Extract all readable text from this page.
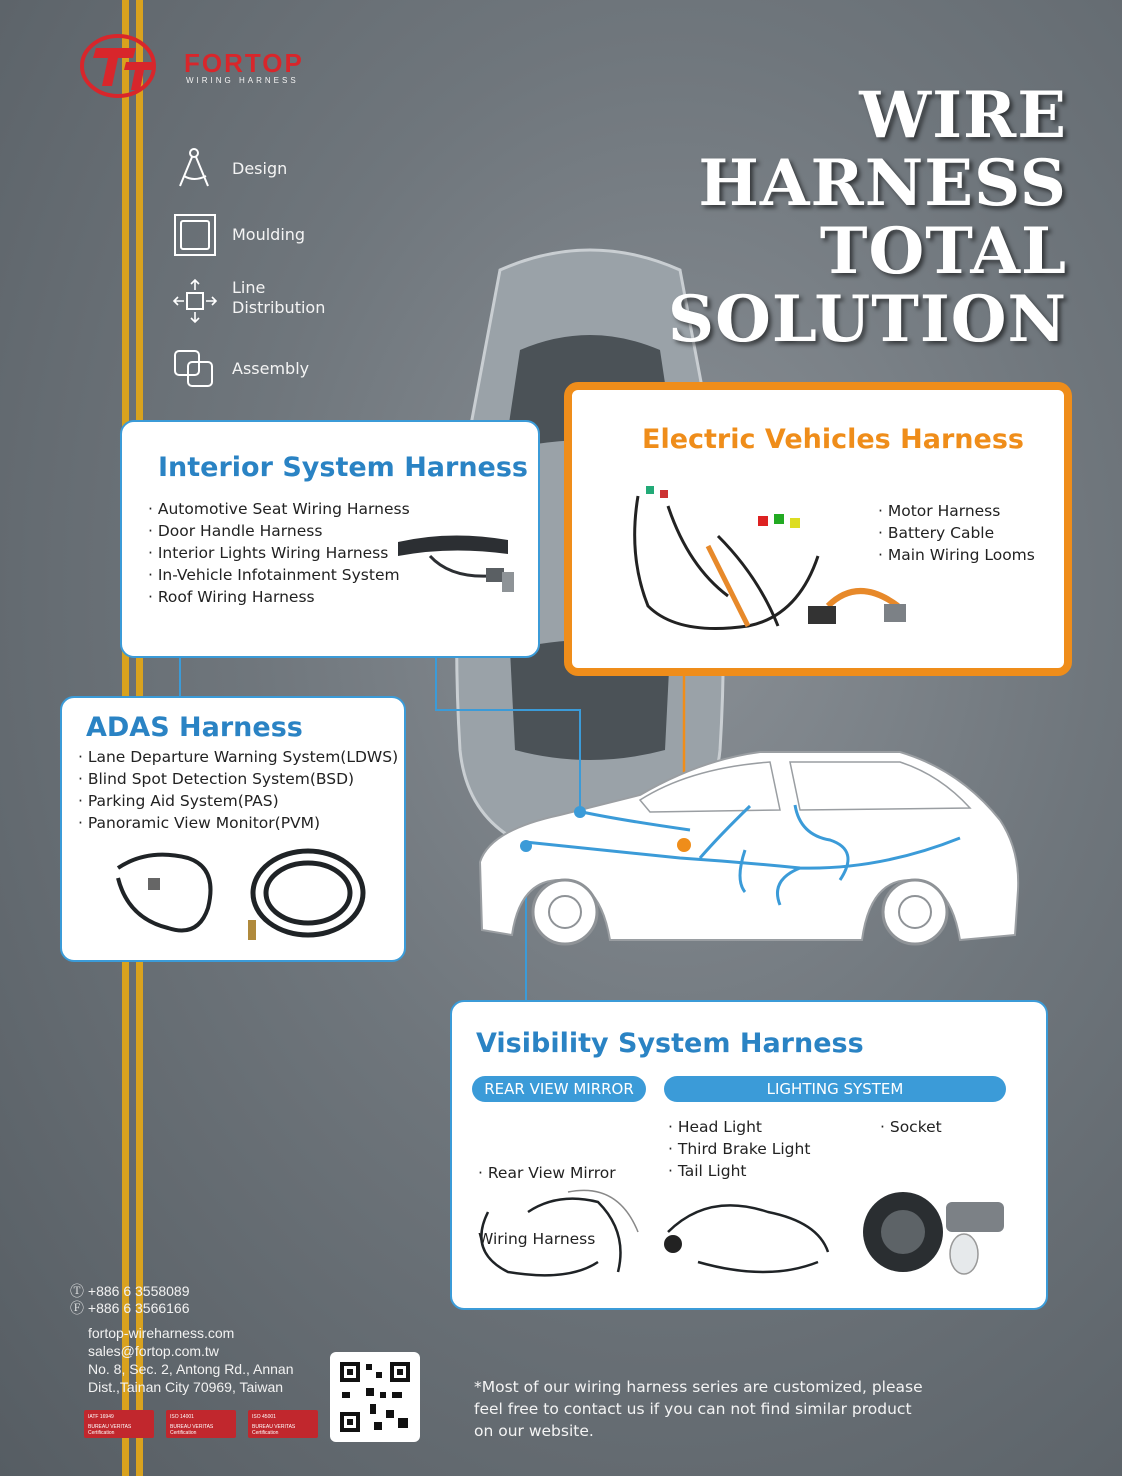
FORTOP
WIRING HARNESS
Design
Moulding
Line
Distribution
Assembly
WIRE
HARNESS
TOTAL
SOLUTION
Interior System Harness
· Automotive Seat Wiring Harness
· Door Handle Harness
· Interior Lights Wiring Harness
· In-Vehicle Infotainment System
· Roof Wiring Harness
Electric Vehicles Harness
· Motor Harness
· Battery Cable
· Main Wiring Looms
ADAS Harness
· Lane Departure Warning System(LDWS)
· Blind Spot Detection System(BSD)
· Parking Aid System(PAS)
· Panoramic View Monitor(PVM)
Visibility System Harness
REAR VIEW MIRROR	LIGHTING SYSTEM

· Rear View Mirror

Wiring Harness

· Head Light
· Third Brake Light
· Tail Light
· Socket
Ⓣ +886 6 3558089
Ⓕ +886 6 3566166
fortop-wireharness.com
sales@fortop.com.tw
No. 8, Sec. 2, Antong Rd., Annan
Dist.,Tainan City 70969, Taiwan
IATF 16949
BUREAU VERITAS Certification
ISO 14001
BUREAU VERITAS Certification
ISO 45001
BUREAU VERITAS Certification
*Most of our wiring harness series are customized, please feel free to contact us if you can not find similar product on our website.
